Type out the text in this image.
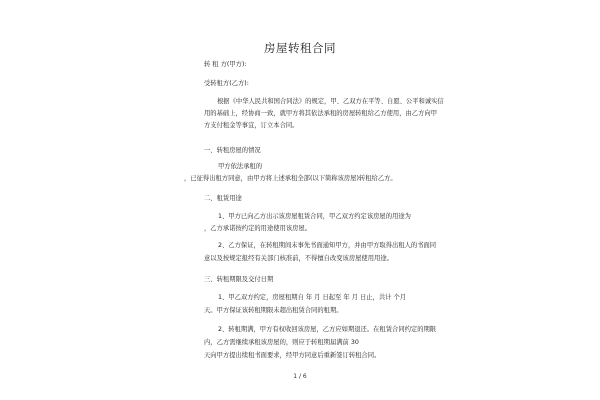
房屋转租合同
转 租 方(甲方):
受转租方(乙方):
根据《中华人民共和国合同法》的规定，甲、乙双方在平等、自愿、公平和诚实信
用的基础上，经协商一致，就甲方将其依法承租的房屋转租给乙方使用，由乙方向甲
方支付租金等事宜，订立本合同。
一、转租房屋的情况
甲方依法承租的
，已征得出租方同意，由甲方将上述承租全部(以下简称该房屋)转租给乙方。
二、租赁用途
1、甲方已向乙方出示该房屋租赁合同，甲乙双方约定该房屋的用途为
，乙方承诺按约定的用途使用该房屋。
2、乙方保证，在转租期间未事先书面通知甲方，并由甲方取得出租人的书面同
意以及按规定报经有关部门核准前，不得擅自改变该房屋使用用途。
三、转租期限及交付日期
1、甲乙双方约定，房屋租期自 年 月 日起至 年 月 日止，共计 个月
天。甲方保证该转租期限未超出租赁合同的租期。
2、转租期满，甲方有权收回该房屋，乙方应如期退还。在租赁合同约定的期限
内，乙方需继续承租该房屋的，则应于转租期届满前 30
天向甲方提出续租书面要求，经甲方同意后重新签订转租合同。
1 / 6
